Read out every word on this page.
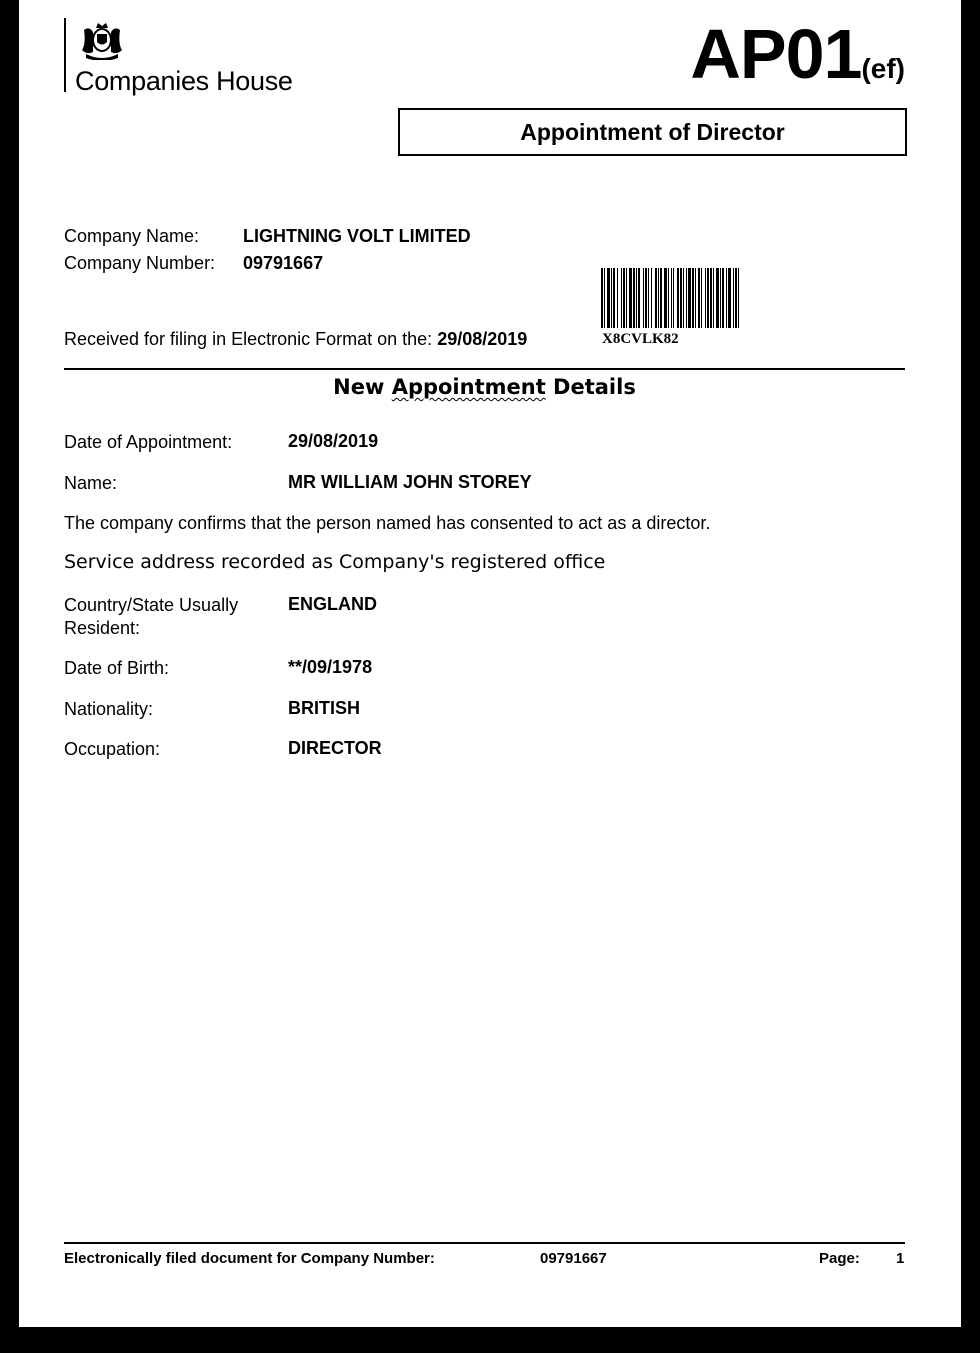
Companies House	AP01(ef)
Appointment of Director
Company Name: LIGHTNING VOLT LIMITED
Company Number: 09791667
Received for filing in Electronic Format on the: 29/08/2019	X8CVLK82
New Appointment Details
Date of Appointment:	29/08/2019
Name:	MR WILLIAM JOHN STOREY
The company confirms that the person named has consented to act as a director.
Service address recorded as Company's registered office
Country/State Usually Resident:
ENGLAND
Date of Birth:	**/09/1978
Nationality:	BRITISH
Occupation:	DIRECTOR
Electronically filed document for Company Number:	09791667	Page: 1
